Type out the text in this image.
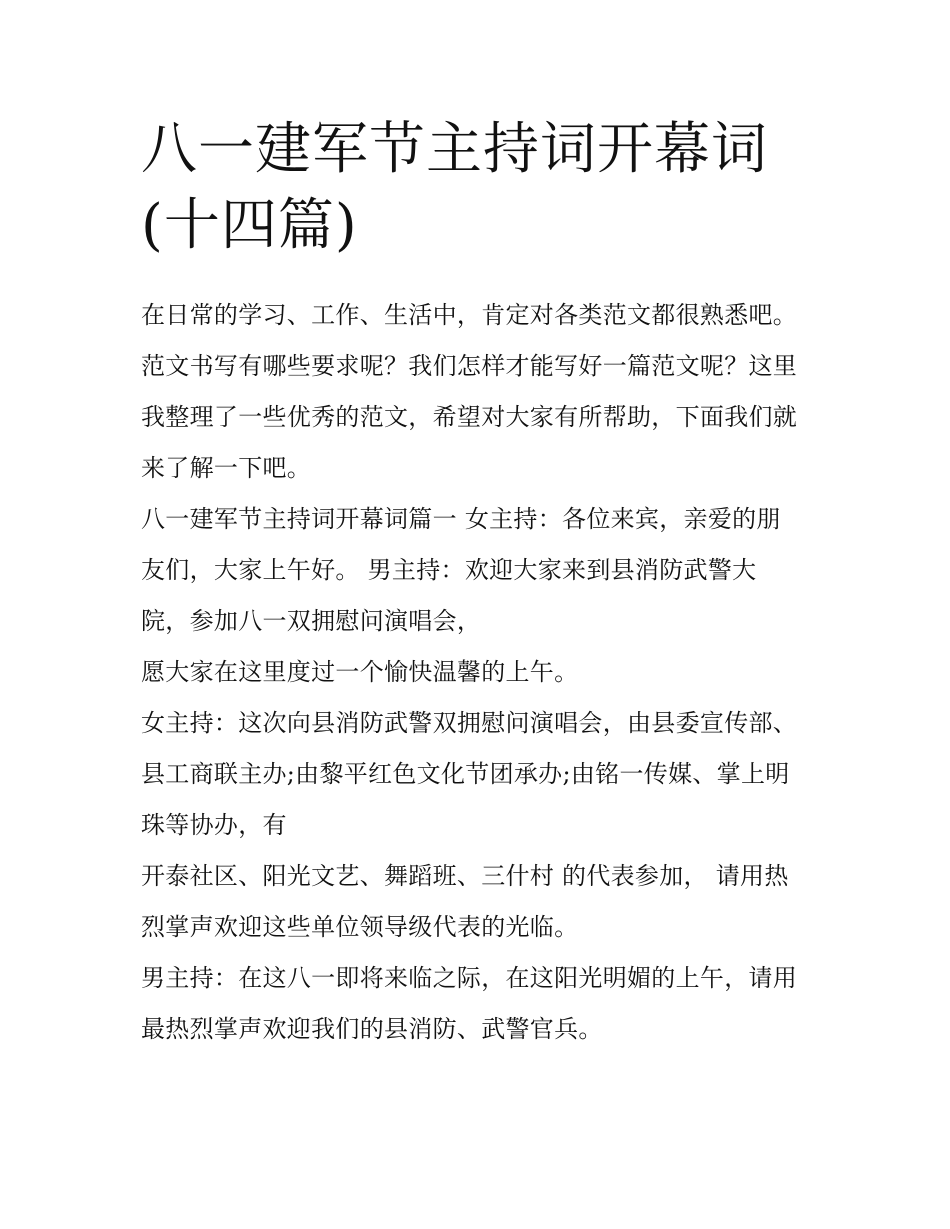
八一建军节主持词开幕词(十四篇)
在日常的学习、工作、生活中，肯定对各类范文都很熟悉吧。
范文书写有哪些要求呢？我们怎样才能写好一篇范文呢？这里
我整理了一些优秀的范文，希望对大家有所帮助，下面我们就
来了解一下吧。
八一建军节主持词开幕词篇一 女主持：各位来宾，亲爱的朋
友们，大家上午好。 男主持：欢迎大家来到县消防武警大
院，参加八一双拥慰问演唱会，
愿大家在这里度过一个愉快温馨的上午。
女主持：这次向县消防武警双拥慰问演唱会，由县委宣传部、
县工商联主办;由黎平红色文化节团承办;由铭一传媒、掌上明
珠等协办，有
开泰社区、阳光文艺、舞蹈班、三什村 的代表参加， 请用热
烈掌声欢迎这些单位领导级代表的光临。
男主持：在这八一即将来临之际，在这阳光明媚的上午，请用
最热烈掌声欢迎我们的县消防、武警官兵。
